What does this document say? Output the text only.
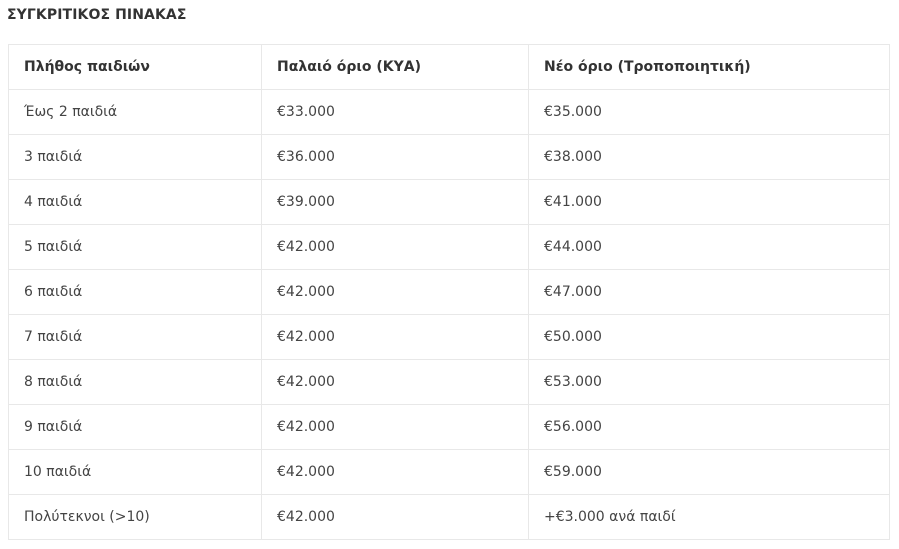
ΣΥΓΚΡΙΤΙΚΟΣ ΠΙΝΑΚΑΣ
Πλήθος παιδιών	Παλαιό όριο (ΚΥΑ)	Νέο όριο (Τροποποιητική)
Έως 2 παιδιά	€33.000	€35.000
3 παιδιά	€36.000	€38.000
4 παιδιά	€39.000	€41.000
5 παιδιά	€42.000	€44.000
6 παιδιά	€42.000	€47.000
7 παιδιά	€42.000	€50.000
8 παιδιά	€42.000	€53.000
9 παιδιά	€42.000	€56.000
10 παιδιά	€42.000	€59.000
Πολύτεκνοι (>10)	€42.000	+€3.000 ανά παιδί
